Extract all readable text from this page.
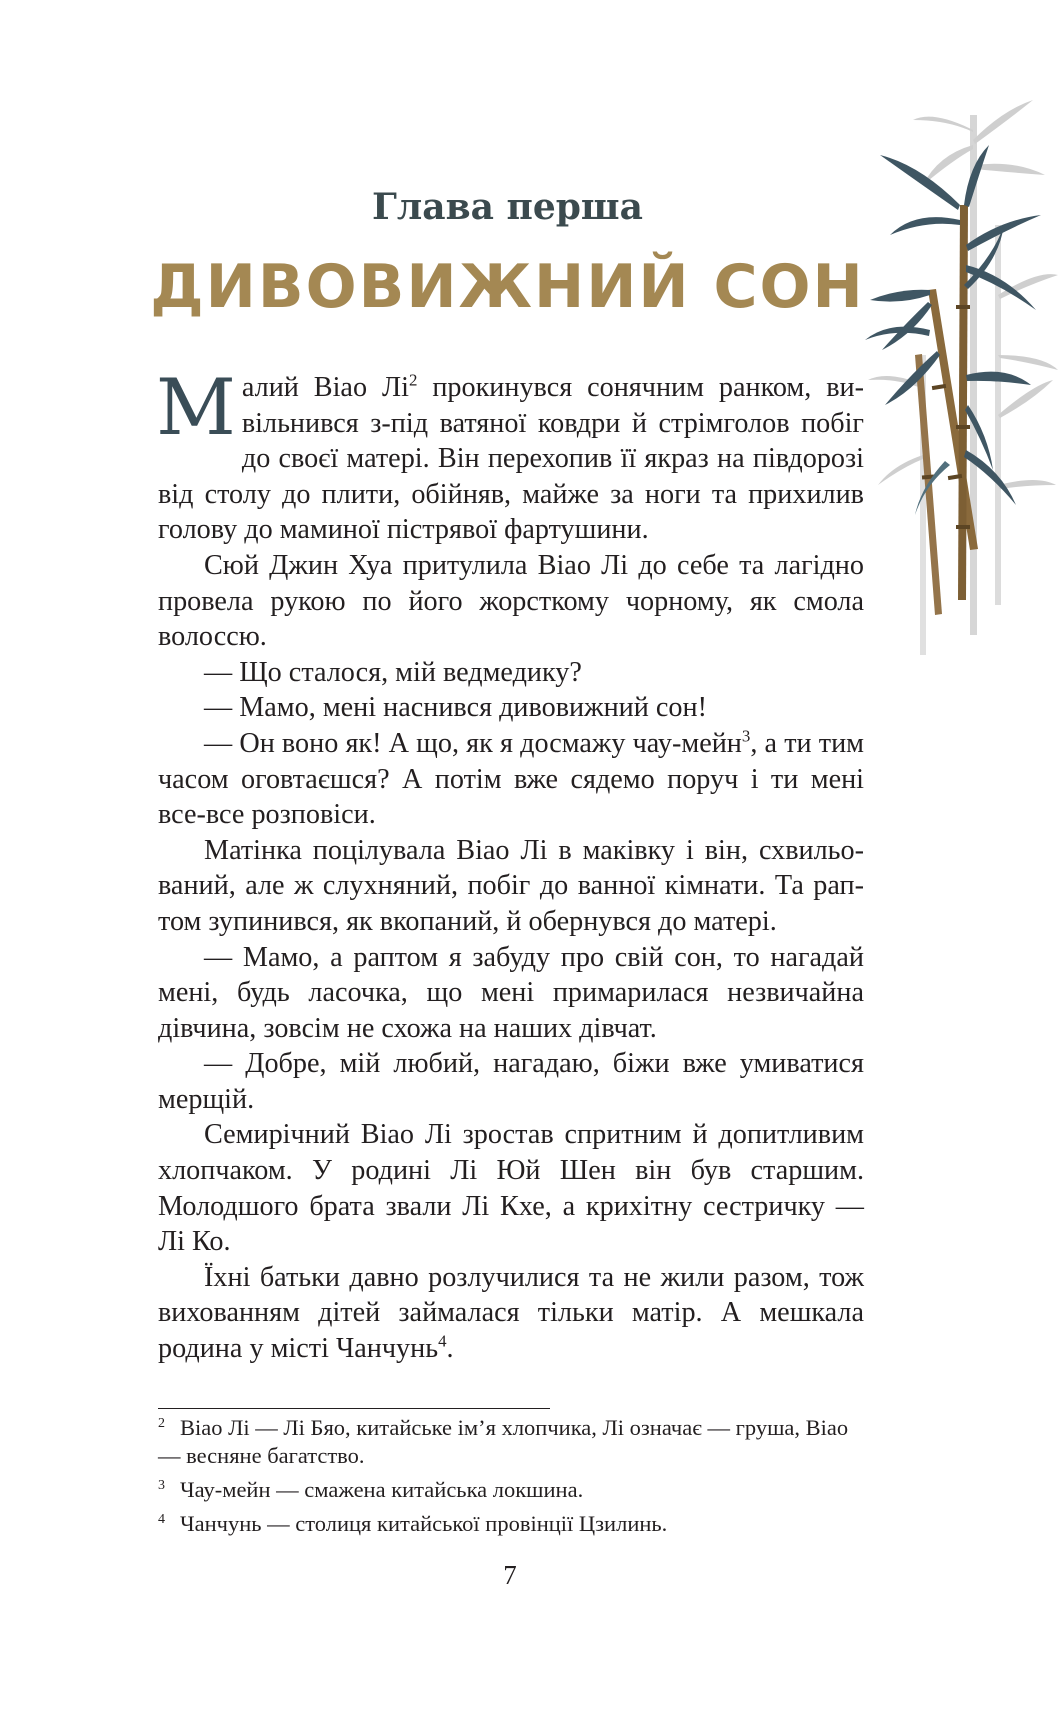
Глава перша
ДИВОВИЖНИЙ СОН

Малий Віао $Лі^2$ прокинувся сонячним ранком, вивільнився з-під ватяної ковдри й стрімголов побіг до своєї матері. Він перехопив її якраз на півдорозі від столу до плити, обійняв, майже за ноги та прихилив голову до маминої пістрявої фартушини.

Сюй Джин Хуа притулила Віао Лі до себе та лагідно провела рукою по його жорсткому чорному, як смола волоссю.

— Що сталося, мій ведмедику?

— Мамо, мені наснився дивовижний сон!

— Он воно як! А що, як я досмажу чау-мейн$^3$, а ти тим часом оговтаєшся? А потім вже сядемо поруч і ти мені все-все розповіси.

Матінка поцілувала Віао Лі в маківку і він, схвильований, але ж слухняний, побіг до ванної кімнати. Та раптом зупинився, як вкопаний, й обернувся до матері.

— Мамо, а раптом я забуду про свій сон, то нагадай мені, будь ласочка, що мені примарилася незвичайна дівчина, зовсім не схожа на наших дівчат.

— Добре, мій любий, нагадаю, біжи вже умиватися мерщій.

Семирічний Віао Лі зростав спритним й допитливим хлопчаком. У родині Лі Юй Шен він був старшим. Молодшого брата звали Лі Кхе, а крихітну сестричку — Лі Ко.

Їхні батьки давно розлучилися та не жили разом, тож вихованням дітей займалася тільки матір. А мешкала родина у місті Чанчунь$^4$.

2 Віао Лі — Лі Бяо, китайське ім’я хлопчика, Лі означає — груша, Віао — весняне багатство.
3 Чау-мейн — смажена китайська локшина.
4 Чанчунь — столиця китайської провінції Цзилинь.
7
